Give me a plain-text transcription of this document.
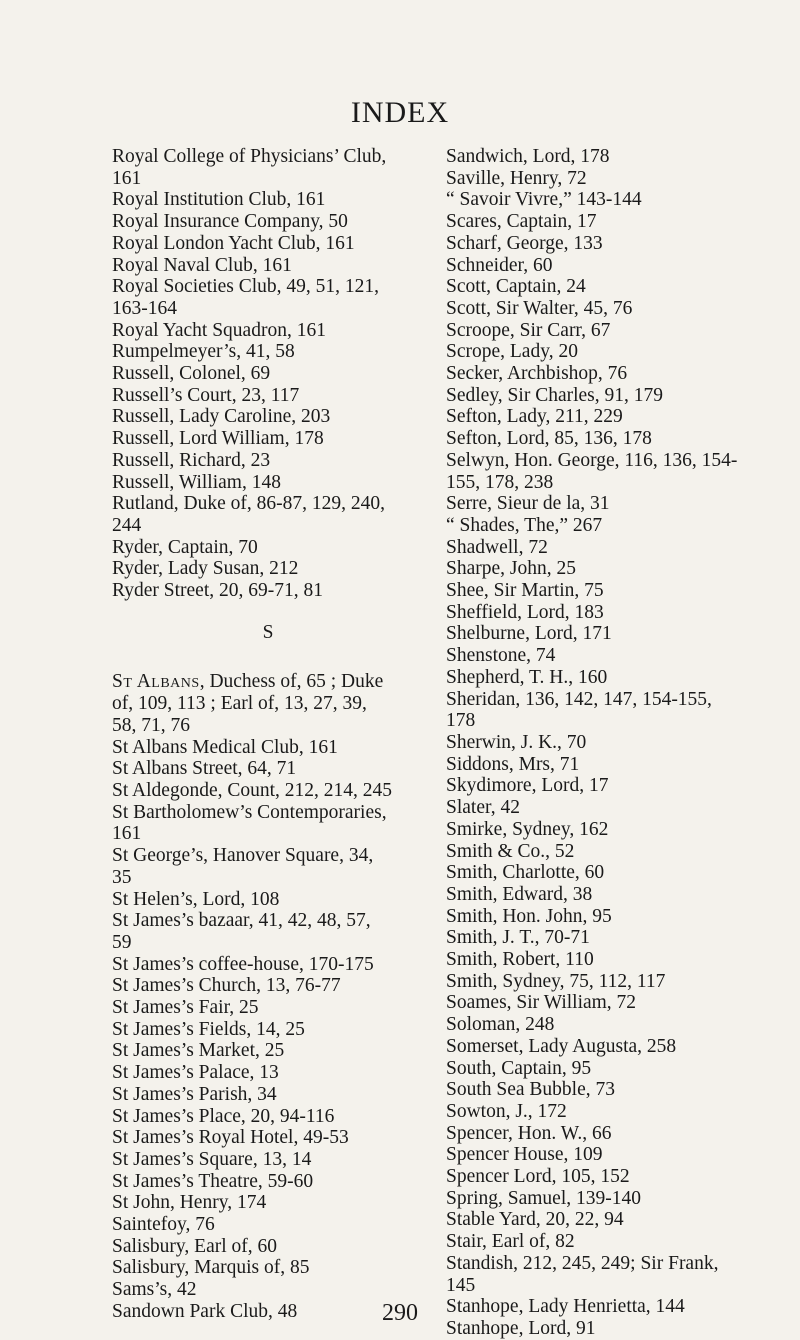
INDEX
Royal College of Physicians’ Club,
161
Royal Institution Club, 161
Royal Insurance Company, 50
Royal London Yacht Club, 161
Royal Naval Club, 161
Royal Societies Club, 49, 51, 121,
163-164
Royal Yacht Squadron, 161
Rumpelmeyer’s, 41, 58
Russell, Colonel, 69
Russell’s Court, 23, 117
Russell, Lady Caroline, 203
Russell, Lord William, 178
Russell, Richard, 23
Russell, William, 148
Rutland, Duke of, 86-87, 129, 240,
244
Ryder, Captain, 70
Ryder, Lady Susan, 212
Ryder Street, 20, 69-71, 81
S
St Albans, Duchess of, 65 ; Duke
of, 109, 113 ; Earl of, 13, 27, 39,
58, 71, 76
St Albans Medical Club, 161
St Albans Street, 64, 71
St Aldegonde, Count, 212, 214, 245
St Bartholomew’s Contemporaries,
161
St George’s, Hanover Square, 34,
35
St Helen’s, Lord, 108
St James’s bazaar, 41, 42, 48, 57,
59
St James’s coffee-house, 170-175
St James’s Church, 13, 76-77
St James’s Fair, 25
St James’s Fields, 14, 25
St James’s Market, 25
St James’s Palace, 13
St James’s Parish, 34
St James’s Place, 20, 94-116
St James’s Royal Hotel, 49-53
St James’s Square, 13, 14
St James’s Theatre, 59-60
St John, Henry, 174
Saintefoy, 76
Salisbury, Earl of, 60
Salisbury, Marquis of, 85
Sams’s, 42
Sandown Park Club, 48
Sandwich, Lord, 178
Saville, Henry, 72
“ Savoir Vivre,” 143-144
Scares, Captain, 17
Scharf, George, 133
Schneider, 60
Scott, Captain, 24
Scott, Sir Walter, 45, 76
Scroope, Sir Carr, 67
Scrope, Lady, 20
Secker, Archbishop, 76
Sedley, Sir Charles, 91, 179
Sefton, Lady, 211, 229
Sefton, Lord, 85, 136, 178
Selwyn, Hon. George, 116, 136, 154-
155, 178, 238
Serre, Sieur de la, 31
“ Shades, The,” 267
Shadwell, 72
Sharpe, John, 25
Shee, Sir Martin, 75
Sheffield, Lord, 183
Shelburne, Lord, 171
Shenstone, 74
Shepherd, T. H., 160
Sheridan, 136, 142, 147, 154-155,
178
Sherwin, J. K., 70
Siddons, Mrs, 71
Skydimore, Lord, 17
Slater, 42
Smirke, Sydney, 162
Smith & Co., 52
Smith, Charlotte, 60
Smith, Edward, 38
Smith, Hon. John, 95
Smith, J. T., 70-71
Smith, Robert, 110
Smith, Sydney, 75, 112, 117
Soames, Sir William, 72
Soloman, 248
Somerset, Lady Augusta, 258
South, Captain, 95
South Sea Bubble, 73
Sowton, J., 172
Spencer, Hon. W., 66
Spencer House, 109
Spencer Lord, 105, 152
Spring, Samuel, 139-140
Stable Yard, 20, 22, 94
Stair, Earl of, 82
Standish, 212, 245, 249; Sir Frank,
145
Stanhope, Lady Henrietta, 144
Stanhope, Lord, 91
290
